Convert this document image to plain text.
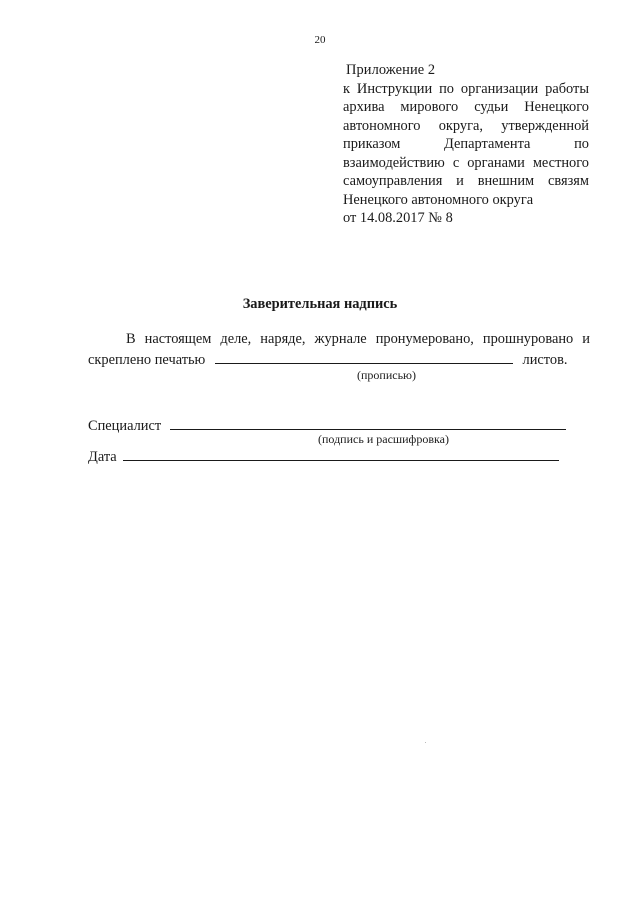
20
Приложение 2
к Инструкции по организации работы
архива мирового судьи Ненецкого
автономного округа, утвержденной
приказом Департамента по
взаимодействию с органами местного
самоуправления и внешним связям
Ненецкого автономного округа
от 14.08.2017 № 8
Заверительная надпись
В настоящем деле, наряде, журнале пронумеровано, прошнуровано и
скреплено печатью	листов.
(прописью)
Специалист
(подпись и расшифровка)
Дата
